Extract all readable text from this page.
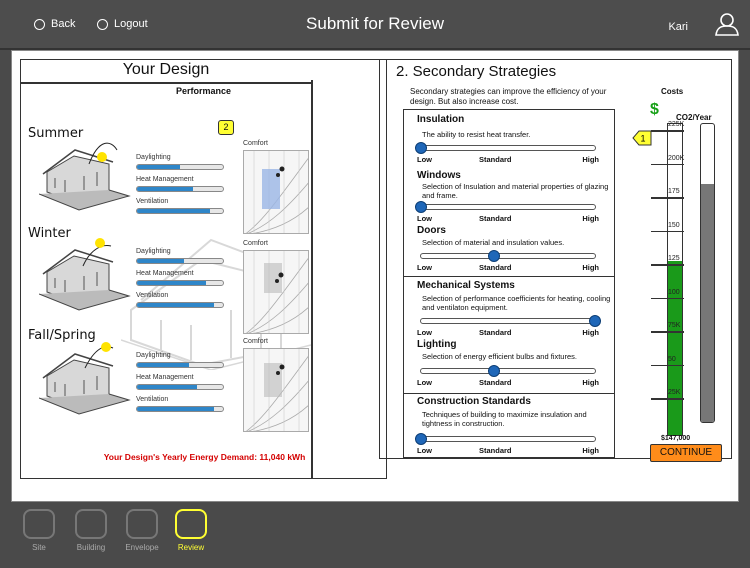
Back	Logout	Submit for Review	Kari
Your Design
Performance
2
Summer
Daylighting
Heat Management
Ventilation
Comfort
Winter
Daylighting
Heat Management
Ventilation
Comfort
Fall/Spring
Daylighting
Heat Management
Ventilation
Comfort
Your Design's Yearly Energy Demand: 11,040 kWh
2. Secondary Strategies
Secondary strategies can improve the efficiency of your design. But also increase cost.
Insulation
The ability to resist heat transfer.
Low	Standard	High
Windows
Selection of Insulation and material properties of glazing and frame.
Low	Standard	High
Doors
Selection of material and insulation values.
Low	Standard	High
Mechanical Systems
Selection of performance coefficients for heating, cooling and ventilaton equipment.
Low	Standard	High
Lighting
Selection of energy efficient bulbs and fixtures.
Low	Standard	High
Construction Standards
Techniques of building to maximize insulation and tightness in construction.
Low	Standard	High
Costs
$ CO2/Year
225K
200K
175
150
125
100
75K
50
25K
$147,000
CONTINUE
1
Site	Building	Envelope	Review
